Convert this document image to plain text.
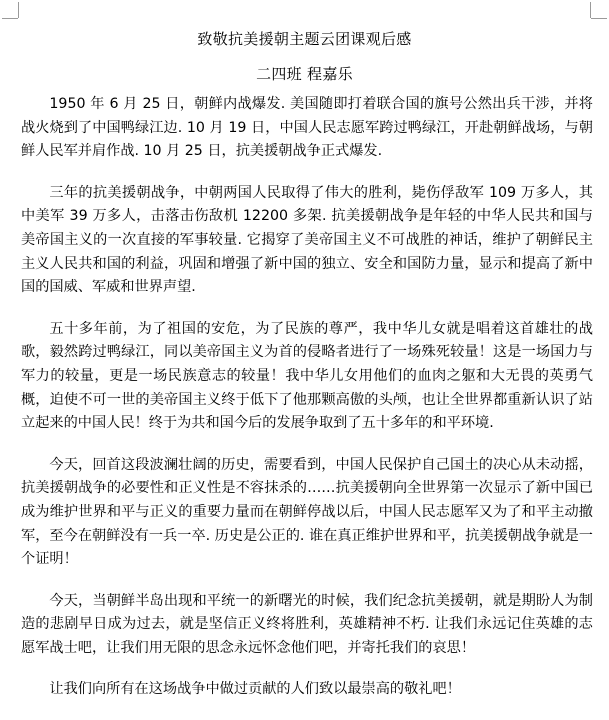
致敬抗美援朝主题云团课观后感
二四班 程嘉乐

1950 年 6 月 25 日，朝鲜内战爆发. 美国随即打着联合国的旗号公然出兵干涉，并将战火烧到了中国鸭绿江边. 10 月 19 日，中国人民志愿军跨过鸭绿江，开赴朝鲜战场，与朝鲜人民军并肩作战. 10 月 25 日，抗美援朝战争正式爆发.

三年的抗美援朝战争，中朝两国人民取得了伟大的胜利，毙伤俘敌军 109 万多人，其中美军 39 万多人，击落击伤敌机 12200 多架. 抗美援朝战争是年轻的中华人民共和国与美帝国主义的一次直接的军事较量. 它揭穿了美帝国主义不可战胜的神话，维护了朝鲜民主主义人民共和国的利益，巩固和增强了新中国的独立、安全和国防力量，显示和提高了新中国的国威、军威和世界声望.

五十多年前，为了祖国的安危，为了民族的尊严，我中华儿女就是唱着这首雄壮的战歌，毅然跨过鸭绿江，同以美帝国主义为首的侵略者进行了一场殊死较量！这是一场国力与军力的较量，更是一场民族意志的较量！我中华儿女用他们的血肉之躯和大无畏的英勇气概，迫使不可一世的美帝国主义终于低下了他那颗高傲的头颅，也让全世界都重新认识了站立起来的中国人民！终于为共和国今后的发展争取到了五十多年的和平环境.

今天，回首这段波澜壮阔的历史，需要看到，中国人民保护自己国土的决心从未动摇，抗美援朝战争的必要性和正义性是不容抹杀的……抗美援朝向全世界第一次显示了新中国已成为维护世界和平与正义的重要力量而在朝鲜停战以后，中国人民志愿军又为了和平主动撤军，至今在朝鲜没有一兵一卒. 历史是公正的. 谁在真正维护世界和平，抗美援朝战争就是一个证明！

今天，当朝鲜半岛出现和平统一的新曙光的时候，我们纪念抗美援朝，就是期盼人为制造的悲剧早日成为过去，就是坚信正义终将胜利，英雄精神不朽. 让我们永远记住英雄的志愿军战士吧，让我们用无限的思念永远怀念他们吧，并寄托我们的哀思！

让我们向所有在这场战争中做过贡献的人们致以最崇高的敬礼吧！
